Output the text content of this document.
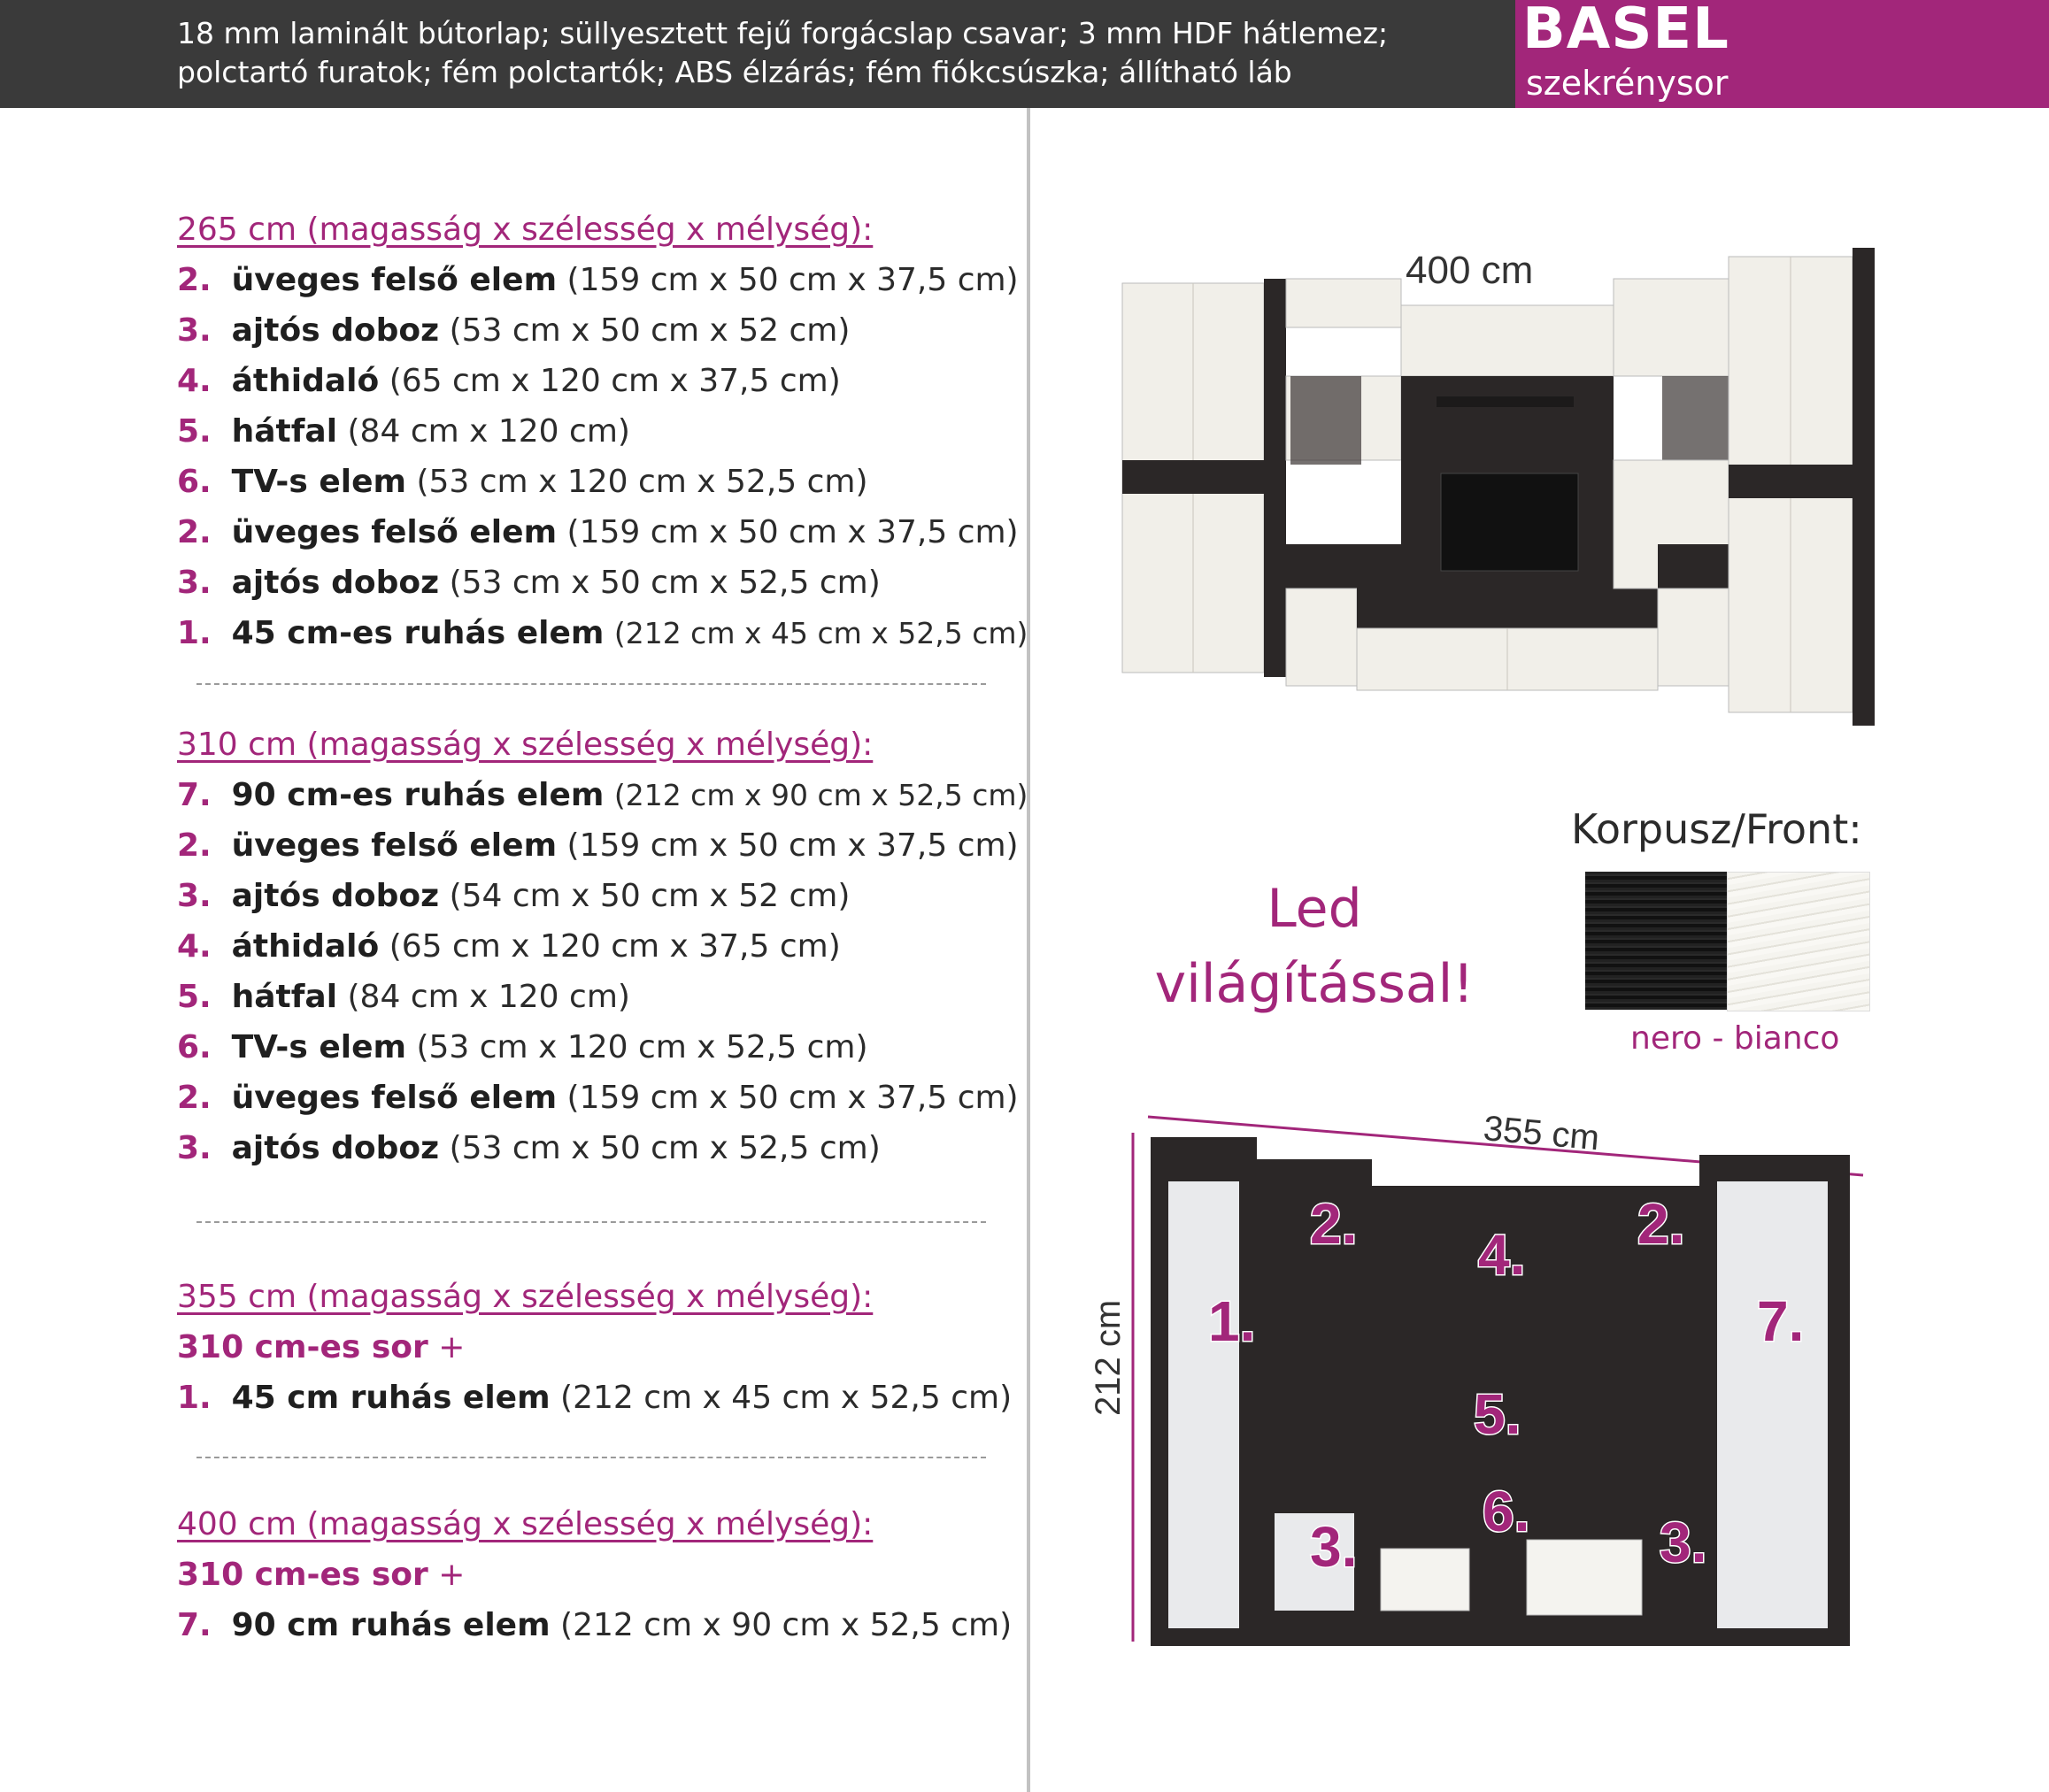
18 mm laminált bútorlap; süllyesztett fejű forgácslap csavar; 3 mm HDF hátlemez;
polctartó furatok; fém polctartók; ABS élzárás; fém fiókcsúszka; állítható láb
BASEL
szekrénysor
265 cm (magasság x szélesség x mélység):
2. üveges felső elem (159 cm x 50 cm x 37,5 cm)
3. ajtós doboz (53 cm x 50 cm x 52 cm)
4. áthidaló (65 cm x 120 cm x 37,5 cm)
5. hátfal (84 cm x 120 cm)
6. TV-s elem (53 cm x 120 cm x 52,5 cm)
2. üveges felső elem (159 cm x 50 cm x 37,5 cm)
3. ajtós doboz (53 cm x 50 cm x 52,5 cm)
1. 45 cm-es ruhás elem (212 cm x 45 cm x 52,5 cm)
310 cm (magasság x szélesség x mélység):
7. 90 cm-es ruhás elem (212 cm x 90 cm x 52,5 cm)
2. üveges felső elem (159 cm x 50 cm x 37,5 cm)
3. ajtós doboz (54 cm x 50 cm x 52 cm)
4. áthidaló (65 cm x 120 cm x 37,5 cm)
5. hátfal (84 cm x 120 cm)
6. TV-s elem (53 cm x 120 cm x 52,5 cm)
2. üveges felső elem (159 cm x 50 cm x 37,5 cm)
3. ajtós doboz (53 cm x 50 cm x 52,5 cm)
355 cm (magasság x szélesség x mélység):
310 cm-es sor +
1. 45 cm ruhás elem (212 cm x 45 cm x 52,5 cm)
400 cm (magasság x szélesség x mélység):
310 cm-es sor +
7. 90 cm ruhás elem (212 cm x 90 cm x 52,5 cm)
400 cm
Led
világítással!
Korpusz/Front:
nero - bianco
355 cm
212 cm
2.	2.
4.
1.	7.
5.
6.
3.	3.
